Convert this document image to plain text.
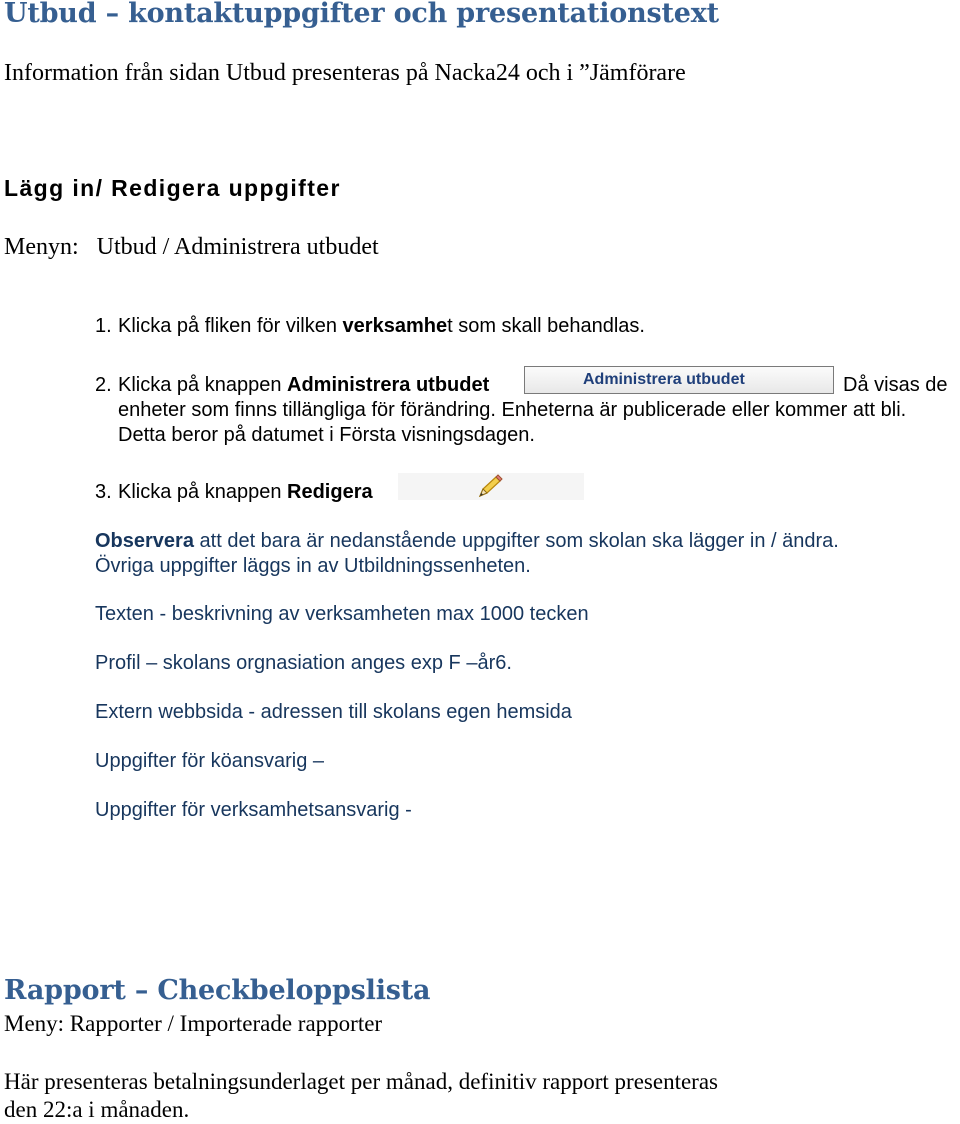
Utbud – kontaktuppgifter och presentationstext
Information från sidan Utbud presenteras på Nacka24 och i ”Jämförare
Lägg in/ Redigera uppgifter
Menyn: Utbud / Administrera utbudet
1. Klicka på fliken för vilken verksamhet som skall behandlas.
2. Klicka på knappen Administrera utbudet	Administrera utbudet	Då visas de
enheter som finns tillängliga för förändring. Enheterna är publicerade eller kommer att bli.
Detta beror på datumet i Första visningsdagen.
3. Klicka på knappen Redigera
Observera att det bara är nedanstående uppgifter som skolan ska lägger in / ändra.
Övriga uppgifter läggs in av Utbildningssenheten.
Texten - beskrivning av verksamheten max 1000 tecken
Profil – skolans orgnasiation anges exp F –år6.
Extern webbsida - adressen till skolans egen hemsida
Uppgifter för köansvarig –
Uppgifter för verksamhetsansvarig -
Rapport – Checkbeloppslista
Meny: Rapporter / Importerade rapporter
Här presenteras betalningsunderlaget per månad, definitiv rapport presenteras
den 22:a i månaden.
